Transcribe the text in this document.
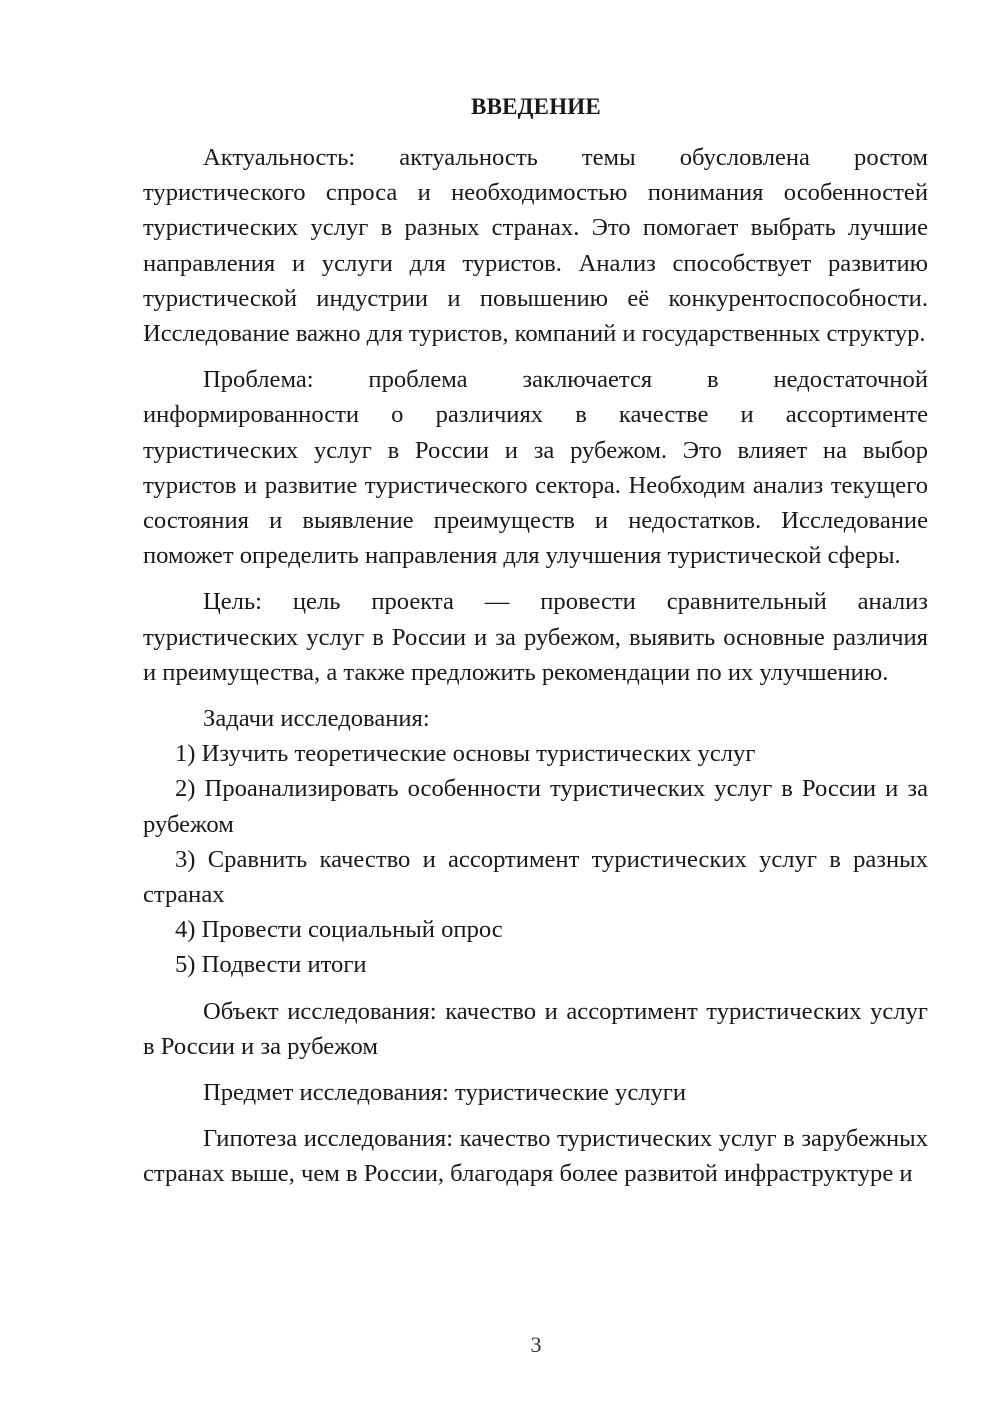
ВВЕДЕНИЕ

Актуальность: актуальность темы обусловлена ростом туристического спроса и необходимостью понимания особенностей туристических услуг в разных странах. Это помогает выбрать лучшие направления и услуги для туристов. Анализ способствует развитию туристической индустрии и повышению её конкурентоспособности. Исследование важно для туристов, компаний и государственных структур.

Проблема: проблема заключается в недостаточной информированности о различиях в качестве и ассортименте туристических услуг в России и за рубежом. Это влияет на выбор туристов и развитие туристического сектора. Необходим анализ текущего состояния и выявление преимуществ и недостатков. Исследование поможет определить направления для улучшения туристической сферы.

Цель: цель проекта — провести сравнительный анализ туристических услуг в России и за рубежом, выявить основные различия и преимущества, а также предложить рекомендации по их улучшению.

Задачи исследования:

1) Изучить теоретические основы туристических услуг

2) Проанализировать особенности туристических услуг в России и за рубежом

3) Сравнить качество и ассортимент туристических услуг в разных странах

4) Провести социальный опрос

5) Подвести итоги

Объект исследования: качество и ассортимент туристических услуг в России и за рубежом

Предмет исследования: туристические услуги

Гипотеза исследования: качество туристических услуг в зарубежных странах выше, чем в России, благодаря более развитой инфраструктуре и

3
